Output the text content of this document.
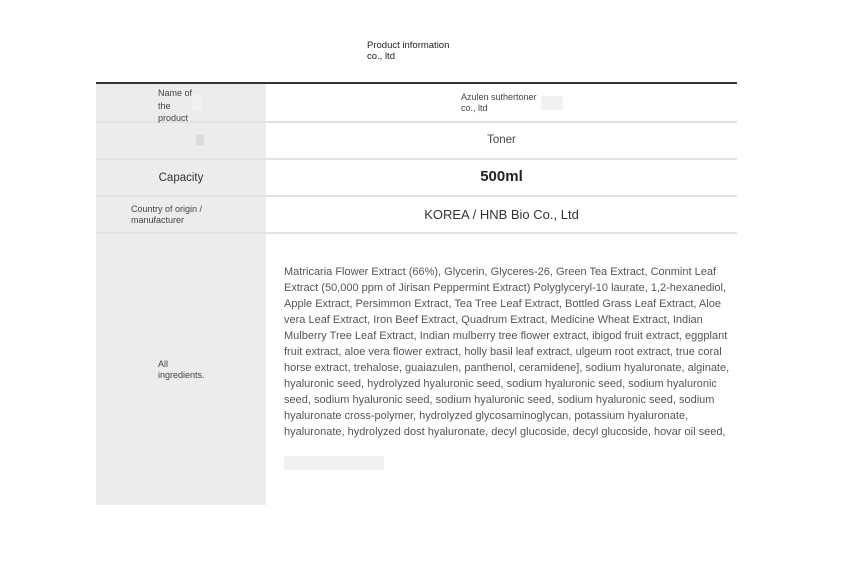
Product information
co., ltd
Name of the product
Azulen suthertoner
co., ltd
Toner
Capacity	500ml
Country of origin /
manufacturer	KOREA / HNB Bio Co., Ltd
All
ingredients.
Matricaria Flower Extract (66%), Glycerin, Glyceres-26, Green Tea Extract, Conmint Leaf Extract (50,000 ppm of Jirisan Peppermint Extract) Polyglyceryl-10 laurate, 1,2-hexanediol, Apple Extract, Persimmon Extract, Tea Tree Leaf Extract, Bottled Grass Leaf Extract, Aloe vera Leaf Extract, Iron Beef Extract, Quadrum Extract, Medicine Wheat Extract, Indian Mulberry Tree Leaf Extract, Indian mulberry tree flower extract, ibigod fruit extract, eggplant fruit extract, aloe vera flower extract, holly basil leaf extract, ulgeum root extract, true coral horse extract, trehalose, guaiazulen, panthenol, ceramidene], sodium hyaluronate, alginate, hyaluronic seed, hydrolyzed hyaluronic seed, sodium hyaluronic seed, sodium hyaluronic seed, sodium hyaluronic seed, sodium hyaluronic seed, sodium hyaluronic seed, sodium hyaluronate cross-polymer, hydrolyzed glycosaminoglycan, potassium hyaluronate, hyaluronate, hydrolyzed dost hyaluronate, decyl glucoside, decyl glucoside, hovar oil seed,
